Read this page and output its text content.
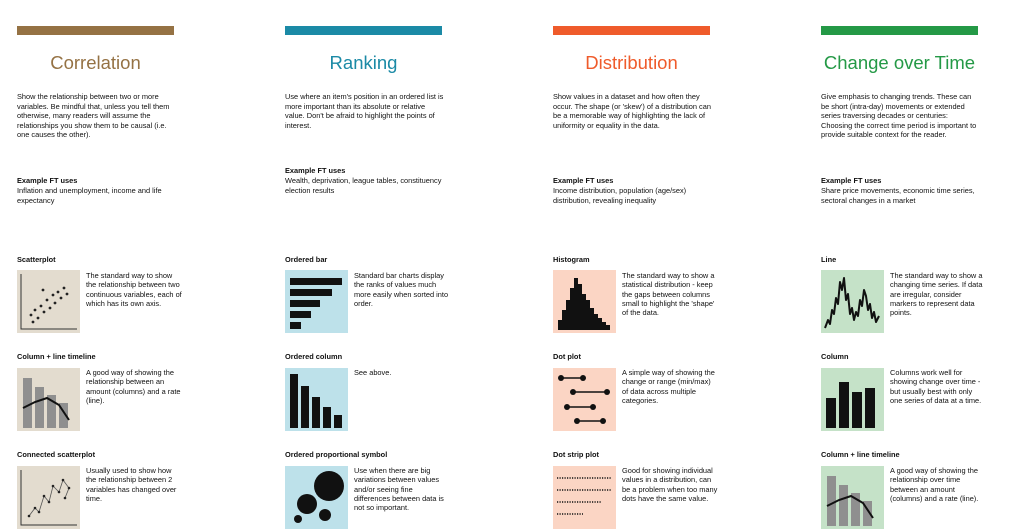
Correlation
Show the relationship between two or more variables. Be mindful that, unless you tell them otherwise, many readers will assume the relationships you show them to be causal (i.e. one causes the other).
Example FT uses
Inflation and unemployment, income and life expectancy
Scatterplot
The standard way to show the relationship between two continuous variables, each of which has its own axis.
Column + line timeline
A good way of showing the relationship between an amount (columns) and a rate (line).
Connected scatterplot
Usually used to show how the relationship between 2 variables has changed over time.
Ranking
Use where an item's position in an ordered list is more important than its absolute or relative value. Don't be afraid to highlight the points of interest.
Example FT uses
Wealth, deprivation, league tables, constituency election results
Ordered bar
Standard bar charts display the ranks of values much more easily when sorted into order.
Ordered column
See above.
Ordered proportional symbol
Use when there are big variations between values and/or seeing fine differences between data is not so important.
Distribution
Show values in a dataset and how often they occur. The shape (or 'skew') of a distribution can be a memorable way of highlighting the lack of uniformity or equality in the data.
Example FT uses
Income distribution, population (age/sex) distribution, revealing inequality
Histogram
The standard way to show a statistical distribution - keep the gaps between columns small to highlight the 'shape' of the data.
Dot plot
A simple way of showing the change or range (min/max) of data across multiple categories.
Dot strip plot
Good for showing individual values in a distribution, can be a problem when too many dots have the same value.
Change over Time
Give emphasis to changing trends. These can be short (intra-day) movements or extended series traversing decades or centuries: Choosing the correct time period is important to provide suitable context for the reader.
Example FT uses
Share price movements, economic time series, sectoral changes in a market
Line
The standard way to show a changing time series. If data are irregular, consider markers to represent data points.
Column
Columns work well for showing change over time - but usually best with only one series of data at a time.
Column + line timeline
A good way of showing the relationship over time between an amount (columns) and a rate (line).
